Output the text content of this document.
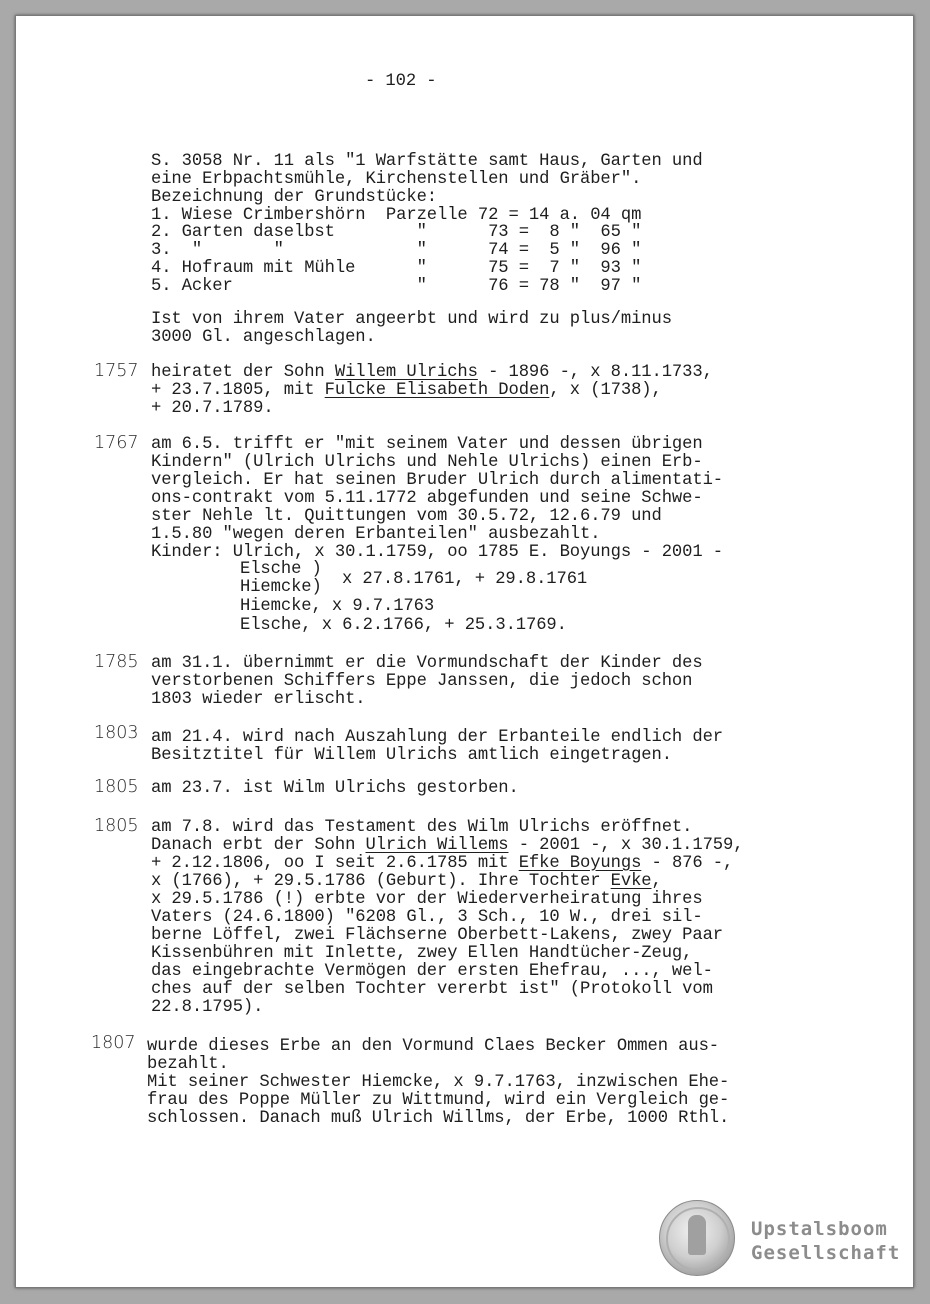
- 102 -
S. 3058 Nr. 11 als "1 Warfstätte samt Haus, Garten und
eine Erbpachtsmühle, Kirchenstellen und Gräber".
Bezeichnung der Grundstücke:
1. Wiese Crimbershörn  Parzelle 72 = 14 a. 04 qm
2. Garten daselbst        "      73 =  8 "  65 "
3.  "       "             "      74 =  5 "  96 "
4. Hofraum mit Mühle      "      75 =  7 "  93 "
5. Acker                  "      76 = 78 "  97 "
Ist von ihrem Vater angeerbt und wird zu plus/minus
3000 Gl. angeschlagen.
1757 heiratet der Sohn Willem Ulrichs - 1896 -, x 8.11.1733,
+ 23.7.1805, mit Fulcke Elisabeth Doden, x (1738),
+ 20.7.1789.
1767 am 6.5. trifft er "mit seinem Vater und dessen übrigen
Kindern" (Ulrich Ulrichs und Nehle Ulrichs) einen Erb-
vergleich. Er hat seinen Bruder Ulrich durch alimentati-
ons-contrakt vom 5.11.1772 abgefunden und seine Schwe-
ster Nehle lt. Quittungen vom 30.5.72, 12.6.79 und
1.5.80 "wegen deren Erbanteilen" ausbezahlt.
Kinder: Ulrich, x 30.1.1759, oo 1785 E. Boyungs - 2001 -
Elsche )
Hiemcke) x 27.8.1761, + 29.8.1761
Hiemcke, x 9.7.1763
Elsche, x 6.2.1766, + 25.3.1769.
1785 am 31.1. übernimmt er die Vormundschaft der Kinder des
verstorbenen Schiffers Eppe Janssen, die jedoch schon
1803 wieder erlischt.
1803 am 21.4. wird nach Auszahlung der Erbanteile endlich der
Besitztitel für Willem Ulrichs amtlich eingetragen.
1805 am 23.7. ist Wilm Ulrichs gestorben.
1805 am 7.8. wird das Testament des Wilm Ulrichs eröffnet.
Danach erbt der Sohn Ulrich Willems - 2001 -, x 30.1.1759,
+ 2.12.1806, oo I seit 2.6.1785 mit Efke Boyungs - 876 -,
x (1766), + 29.5.1786 (Geburt). Ihre Tochter Evke,
x 29.5.1786 (!) erbte vor der Wiederverheiratung ihres
Vaters (24.6.1800) "6208 Gl., 3 Sch., 10 W., drei sil-
berne Löffel, zwei Flächserne Oberbett-Lakens, zwey Paar
Kissenbühren mit Inlette, zwey Ellen Handtücher-Zeug,
das eingebrachte Vermögen der ersten Ehefrau, ..., wel-
ches auf der selben Tochter vererbt ist" (Protokoll vom
22.8.1795).
1807 wurde dieses Erbe an den Vormund Claes Becker Ommen aus-
bezahlt.
Mit seiner Schwester Hiemcke, x 9.7.1763, inzwischen Ehe-
frau des Poppe Müller zu Wittmund, wird ein Vergleich ge-
schlossen. Danach muß Ulrich Willms, der Erbe, 1000 Rthl.
Upstalsboom
Gesellschaft
